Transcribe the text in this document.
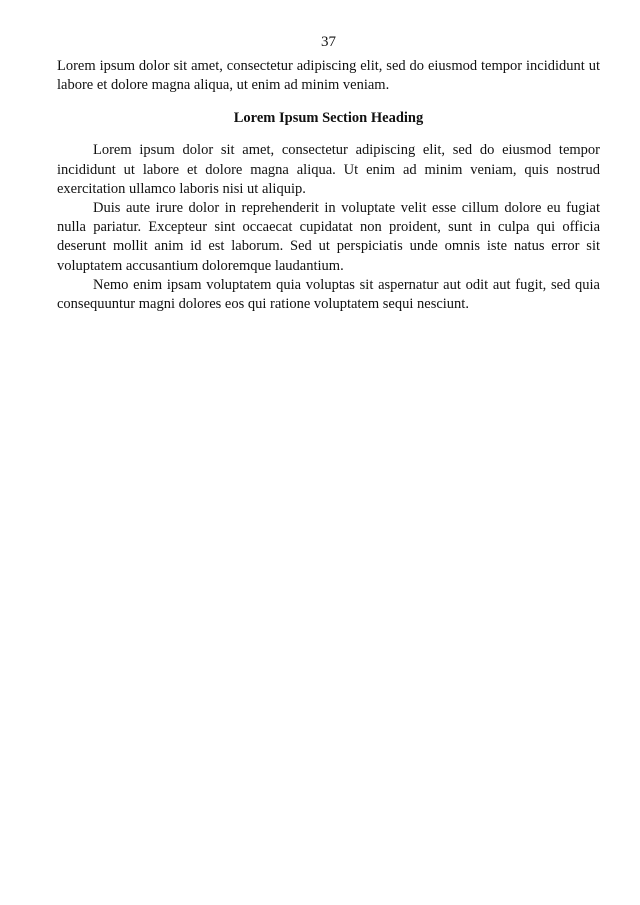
37

Lorem ipsum dolor sit amet, consectetur adipiscing elit, sed do eiusmod tempor incididunt ut labore et dolore magna aliqua, ut enim ad minim veniam.

Lorem Ipsum Section Heading

Lorem ipsum dolor sit amet, consectetur adipiscing elit, sed do eiusmod tempor incididunt ut labore et dolore magna aliqua. Ut enim ad minim veniam, quis nostrud exercitation ullamco laboris nisi ut aliquip.

Duis aute irure dolor in reprehenderit in voluptate velit esse cillum dolore eu fugiat nulla pariatur. Excepteur sint occaecat cupidatat non proident, sunt in culpa qui officia deserunt mollit anim id est laborum. Sed ut perspiciatis unde omnis iste natus error sit voluptatem accusantium doloremque laudantium.

Nemo enim ipsam voluptatem quia voluptas sit aspernatur aut odit aut fugit, sed quia consequuntur magni dolores eos qui ratione voluptatem sequi nesciunt.
